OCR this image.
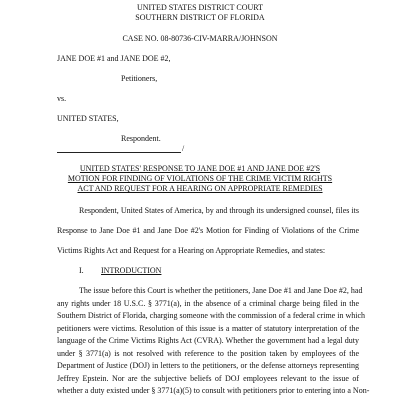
UNITED STATES DISTRICT COURT
SOUTHERN DISTRICT OF FLORIDA
CASE NO. 08-80736-CIV-MARRA/JOHNSON
JANE DOE #1 and JANE DOE #2,
Petitioners,
vs.
UNITED STATES,
Respondent.
/
UNITED STATES' RESPONSE TO JANE DOE #1 AND JANE DOE #2'S
MOTION FOR FINDING OF VIOLATIONS OF THE CRIME VICTIM RIGHTS
ACT AND REQUEST FOR A HEARING ON APPROPRIATE REMEDIES
Respondent, United States of America, by and through its undersigned counsel, files its
Response to Jane Doe #1 and Jane Doe #2's Motion for Finding of Violations of the Crime
Victims Rights Act and Request for a Hearing on Appropriate Remedies, and states:
I. INTRODUCTION
The issue before this Court is whether the petitioners, Jane Doe #1 and Jane Doe #2, had
any rights under 18 U.S.C. § 3771(a), in the absence of a criminal charge being filed in the
Southern District of Florida, charging someone with the commission of a federal crime in which
petitioners were victims. Resolution of this issue is a matter of statutory interpretation of the
language of the Crime Victims Rights Act (CVRA). Whether the government had a legal duty
under § 3771(a) is not resolved with reference to the position taken by employees of the
Department of Justice (DOJ) in letters to the petitioners, or the defense attorneys representing
Jeffrey Epstein. Nor are the subjective beliefs of DOJ employees relevant to the issue of
whether a duty existed under § 3771(a)(5) to consult with petitioners prior to entering into a Non-
